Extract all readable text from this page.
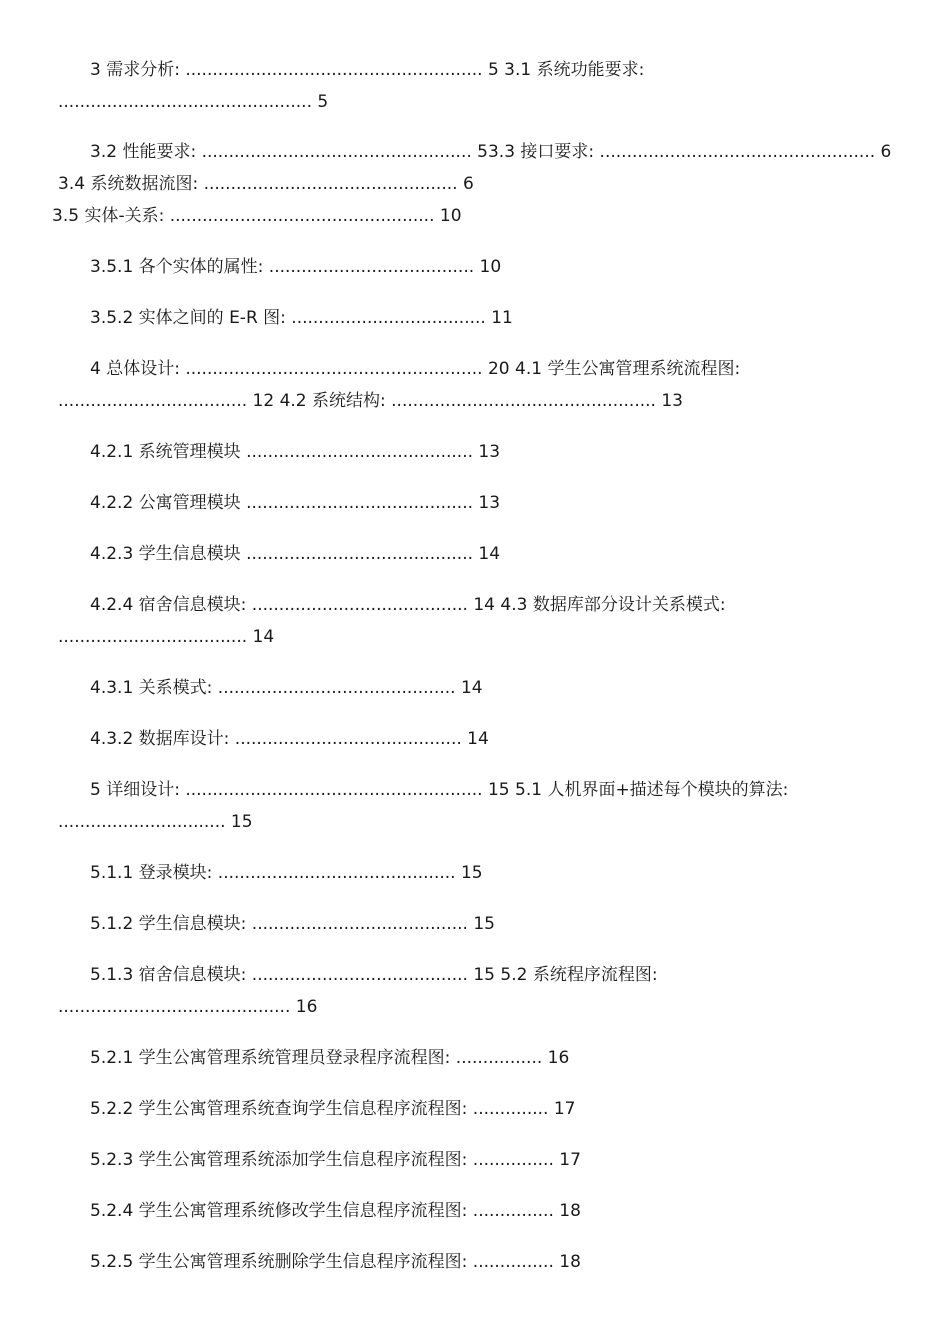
3 需求分析: ....................................................... 5 3.1 系统功能要求: ............................................... 5
3.2 性能要求: .................................................. 53.3 接口要求: ................................................... 6 3.4 系统数据流图: ............................................... 6
3.5 实体-关系: ................................................. 10
3.5.1 各个实体的属性: ...................................... 10
3.5.2 实体之间的 E-R 图: .................................... 11
4 总体设计: ....................................................... 20 4.1 学生公寓管理系统流程图: ................................... 12 4.2 系统结构: ................................................. 13
4.2.1 系统管理模块 .......................................... 13
4.2.2 公寓管理模块 .......................................... 13
4.2.3 学生信息模块 .......................................... 14
4.2.4 宿舍信息模块: ........................................ 14 4.3 数据库部分设计关系模式: ................................... 14
4.3.1 关系模式: ............................................ 14
4.3.2 数据库设计: .......................................... 14
5 详细设计: ....................................................... 15 5.1 人机界面+描述每个模块的算法: ............................... 15
5.1.1 登录模块: ............................................ 15
5.1.2 学生信息模块: ........................................ 15
5.1.3 宿舍信息模块: ........................................ 15 5.2 系统程序流程图: ........................................... 16
5.2.1 学生公寓管理系统管理员登录程序流程图: ................ 16
5.2.2 学生公寓管理系统查询学生信息程序流程图: .............. 17
5.2.3 学生公寓管理系统添加学生信息程序流程图: ............... 17
5.2.4 学生公寓管理系统修改学生信息程序流程图: ............... 18
5.2.5 学生公寓管理系统删除学生信息程序流程图: ............... 18
